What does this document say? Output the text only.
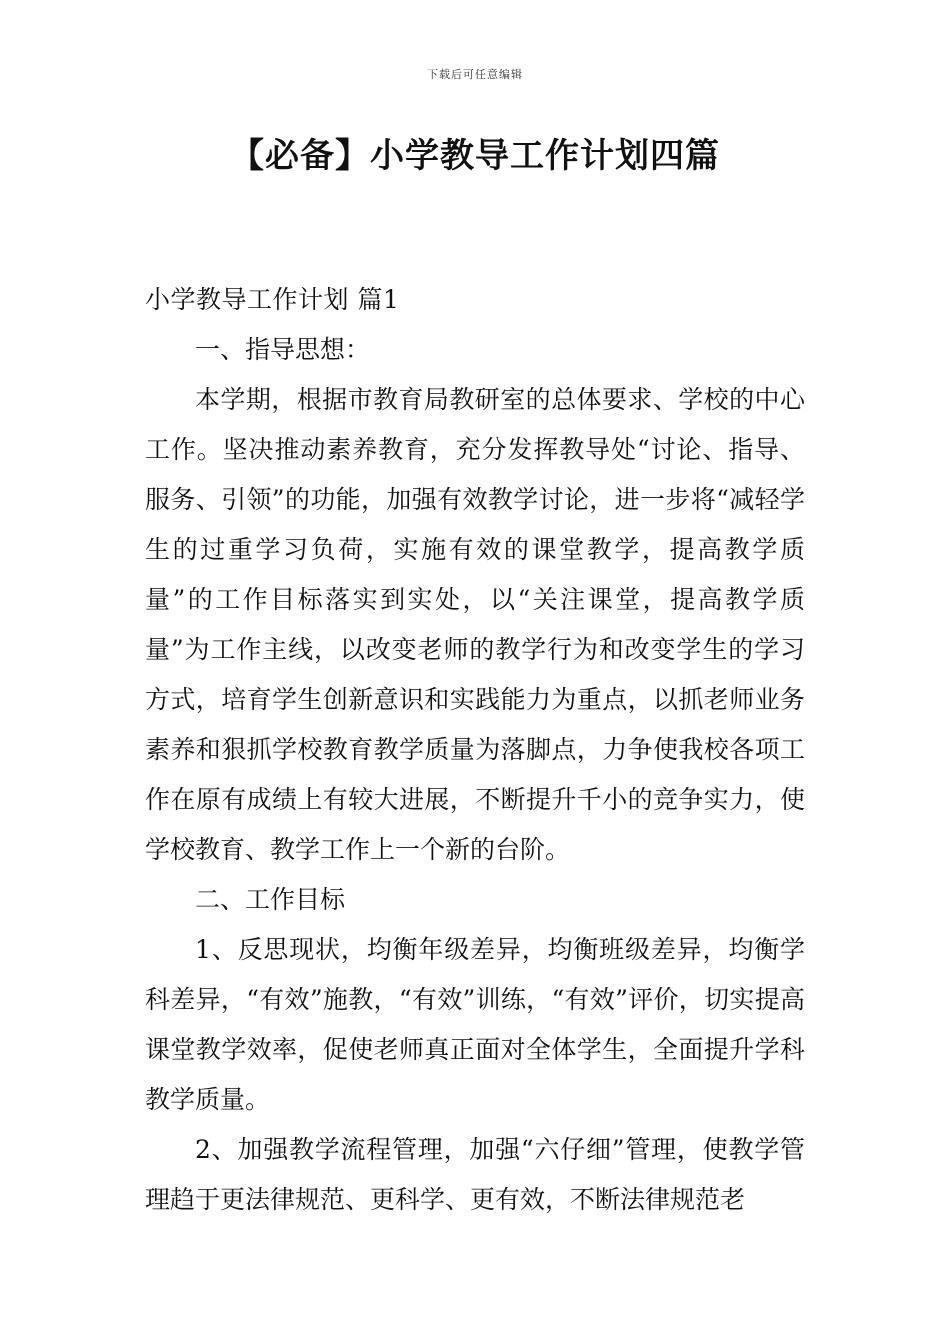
下载后可任意编辑
【必备】小学教导工作计划四篇

小学教导工作计划 篇1

一、指导思想：

本学期，根据市教育局教研室的总体要求、学校的中心工作。坚决推动素养教育，充分发挥教导处“讨论、指导、服务、引领”的功能，加强有效教学讨论，进一步将“减轻学生的过重学习负荷，实施有效的课堂教学，提高教学质量”的工作目标落实到实处，以“关注课堂，提高教学质量”为工作主线，以改变老师的教学行为和改变学生的学习方式，培育学生创新意识和实践能力为重点，以抓老师业务素养和狠抓学校教育教学质量为落脚点，力争使我校各项工作在原有成绩上有较大进展，不断提升千小的竞争实力，使学校教育、教学工作上一个新的台阶。

二、工作目标

1、反思现状，均衡年级差异，均衡班级差异，均衡学科差异，“有效”施教，“有效”训练，“有效”评价，切实提高课堂教学效率，促使老师真正面对全体学生，全面提升学科教学质量。

2、加强教学流程管理，加强“六仔细”管理，使教学管理趋于更法律规范、更科学、更有效，不断法律规范老
